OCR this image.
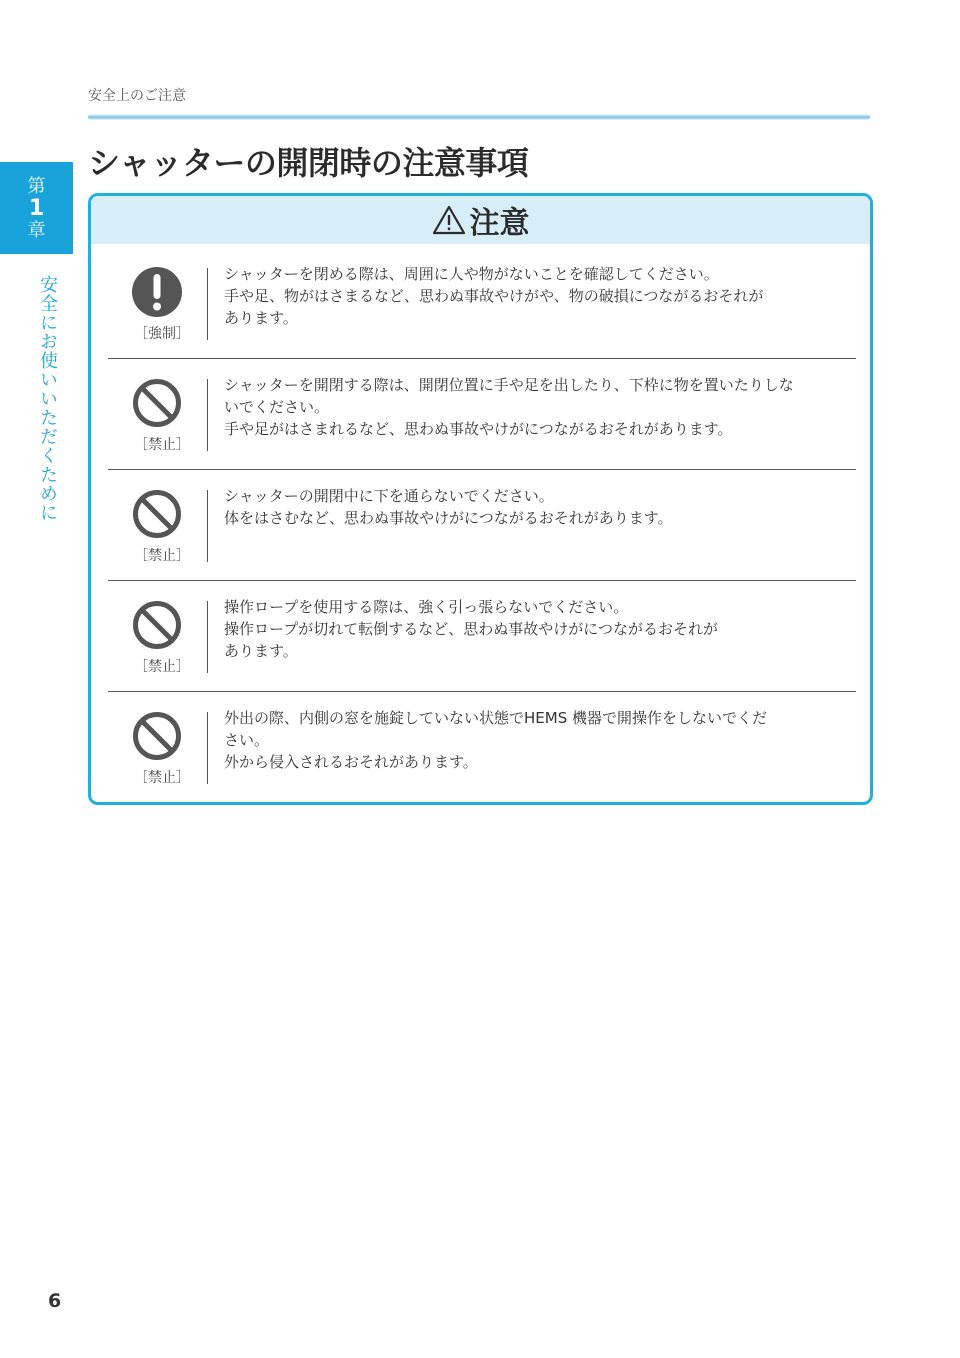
安全上のご注意
シャッターの開閉時の注意事項
第
1
章
安全にお使いいただくために
注意
［強制］
シャッターを閉める際は、周囲に人や物がないことを確認してください。
手や足、物がはさまるなど、思わぬ事故やけがや、物の破損につながるおそれが
あります。
［禁止］
シャッターを開閉する際は、開閉位置に手や足を出したり、下枠に物を置いたりしな
いでください。
手や足がはさまれるなど、思わぬ事故やけがにつながるおそれがあります。
［禁止］
シャッターの開閉中に下を通らないでください。
体をはさむなど、思わぬ事故やけがにつながるおそれがあります。
［禁止］
操作ロープを使用する際は、強く引っ張らないでください。
操作ロープが切れて転倒するなど、思わぬ事故やけがにつながるおそれが
あります。
［禁止］
外出の際、内側の窓を施錠していない状態でHEMS 機器で開操作をしないでくだ
さい。
外から侵入されるおそれがあります。
6
